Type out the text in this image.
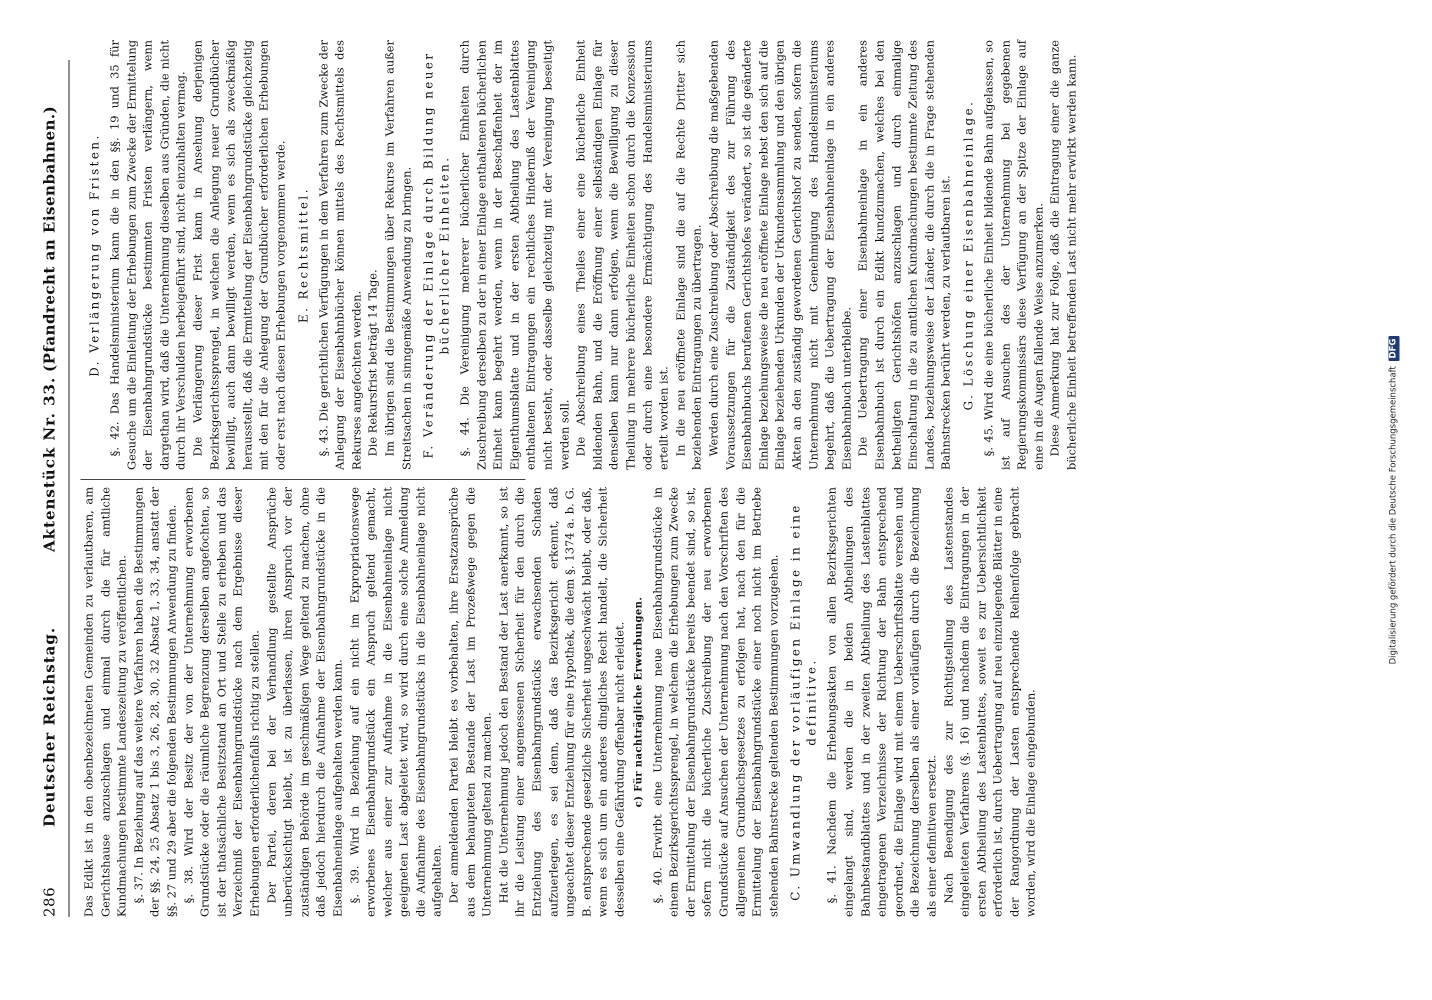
286
Deutscher Reichstag.
Aktenstück Nr. 33.
(Pfandrecht an Eisenbahnen.)

Das Edikt ist in den obenbezeichneten Gemeinden zu verlautbaren, am Gerichtshause anzuschlagen und einmal durch die für amtliche Kundmachungen bestimmte Landeszeitung zu veröffentlichen. §. 37. In Beziehung auf das weitere Verfahren haben die Bestimmungen der §§. 24, 25 Absatz 1 bis 3, 26, 28, 30, 32 Absatz 1, 33, 34, anstatt der §§. 27 und 29 aber die folgenden Bestimmungen Anwendung zu finden. §. 38. Wird der Besitz der von der Unternehmung erworbenen Grundstücke oder die räumliche Begrenzung derselben angefochten, so ist der thatsächliche Besitzstand an Ort und Stelle zu erheben und das Verzeichniß der Eisenbahngrundstücke nach dem Ergebnisse dieser Erhebungen erforderlichenfalls richtig zu stellen. Der Partei, deren bei der Verhandlung gestellte Ansprüche unberücksichtigt bleibt, ist zu überlassen, ihren Anspruch vor der zuständigen Behörde im geschmäßigen Wege geltend zu machen, ohne daß jedoch hierdurch die Aufnahme der Eisenbahngrundstücke in die Eisenbahneinlage aufgehalten werden kann. §. 39. Wird in Beziehung auf ein nicht im Expropriationswege erworbenes Eisenbahngrundstück ein Anspruch geltend gemacht, welcher aus einer zur Aufnahme in die Eisenbahneinlage nicht geeigneten Last abgeleitet wird, so wird durch eine solche Anmeldung die Aufnahme des Eisenbahngrundstücks in die Eisenbahneinlage nicht aufgehalten. Der anmeldenden Partei bleibt es vorbehalten, ihre Ersatzansprüche aus dem behaupteten Bestande der Last im Prozeßwege gegen die Unternehmung geltend zu machen. Hat die Unternehmung jedoch den Bestand der Last anerkannt, so ist ihr die Leistung einer angemessenen Sicherheit für den durch die Entziehung des Eisenbahngrundstücks erwachsenden Schaden aufzuerlegen, es sei denn, daß das Bezirksgericht erkennt, daß ungeachtet dieser Entziehung für eine Hypothek, die dem §. 1374 a. b. G. B. entsprechende gesetzliche Sicherheit ungeschwächt bleibt, oder daß, wenn es sich um ein anderes dingliches Recht handelt, die Sicherheit desselben eine Gefährdung offenbar nicht erleidet. c) Für nachträgliche Erwerbungen. §. 40. Erwirbt eine Unternehmung neue Eisenbahngrundstücke in einem Bezirksgerichtssprengel, in welchem die Erhebungen zum Zwecke der Ermittelung der Eisenbahngrundstücke bereits beendet sind, so ist, sofern nicht die bücherliche Zuschreibung der neu erworbenen Grundstücke auf Ansuchen der Unternehmung nach den Vorschriften des allgemeinen Grundbuchsgesetzes zu erfolgen hat, nach den für die Ermittelung der Eisenbahngrundstücke einer noch nicht im Betriebe stehenden Bahnstrecke geltenden Bestimmungen vorzugehen. C. Umwandlung der vorläufigen Einlage in eine definitive. §. 41. Nachdem die Erhebungsakten von allen Bezirksgerichten eingelangt sind, werden die in beiden Abtheilungen des Bahnbestandblattes und in der zweiten Abtheilung des Lastenblattes eingetragenen Verzeichnisse der Richtung der Bahn entsprechend geordnet, die Einlage wird mit einem Ueberschriftsblatte versehen und die Bezeichnung derselben als einer vorläufigen durch die Bezeichnung als einer definitiven ersetzt. Nach Beendigung des zur Richtigstellung des Lastenstandes eingeleiteten Verfahrens (§. 16) und nachdem die Eintragungen in der ersten Abtheilung des Lastenblattes, soweit es zur Uebersichtlichkeit erforderlich ist, durch Uebertragung auf neu einzulegende Blätter in eine der Rangordnung der Lasten entsprechende Reihenfolge gebracht worden, wird die Einlage eingebunden.

D. Verlängerung von Fristen. §. 42. Das Handelsministerium kann die in den §§. 19 und 35 für Gesuche um die Einleitung der Erhebungen zum Zwecke der Ermittelung der Eisenbahngrundstücke bestimmten Fristen verlängern, wenn dargethan wird, daß die Unternehmung dieselben aus Gründen, die nicht durch ihr Verschulden herbeigeführt sind, nicht einzuhalten vermag. Die Verlängerung dieser Frist kann in Ansehung derjenigen Bezirksgerichtssprengel, in welchen die Anlegung neuer Grundbücher bewilligt, auch dann bewilligt werden, wenn es sich als zweckmäßig herausstellt, daß die Ermittelung der Eisenbahngrundstücke gleichzeitig mit den für die Anlegung der Grundbücher erforderlichen Erhebungen oder erst nach diesen Erhebungen vorgenommen werde. E. Rechtsmittel. §. 43. Die gerichtlichen Verfügungen in dem Verfahren zum Zwecke der Anlegung der Eisenbahnbücher können mittels des Rechtsmittels des Rekurses angefochten werden. Die Rekursfrist beträgt 14 Tage. Im übrigen sind die Bestimmungen über Rekurse im Verfahren außer Streitsachen in sinngemäße Anwendung zu bringen. F. Veränderung der Einlage durch Bildung neuer bücherlicher Einheiten. §. 44. Die Vereinigung mehrerer bücherlicher Einheiten durch Zuschreibung derselben zu der in einer Einlage enthaltenen bücherlichen Einheit kann begehrt werden, wenn in der Beschaffenheit der im Eigenthumsblatte und in der ersten Abtheilung des Lastenblattes enthaltenen Eintragungen ein rechtliches Hinderniß der Vereinigung nicht besteht, oder dasselbe gleichzeitig mit der Vereinigung beseitigt werden soll. Die Abschreibung eines Theiles einer eine bücherliche Einheit bildenden Bahn, und die Eröffnung einer selbständigen Einlage für denselben kann nur dann erfolgen, wenn die Bewilligung zu dieser Theilung in mehrere bücherliche Einheiten schon durch die Konzession oder durch eine besondere Ermächtigung des Handelsministeriums erteilt worden ist. In die neu eröffnete Einlage sind die auf die Rechte Dritter sich beziehenden Eintragungen zu übertragen. Werden durch eine Zuschreibung oder Abschreibung die maßgebenden Voraussetzungen für die Zuständigkeit des zur Führung des Eisenbahnbuchs berufenen Gerichtshofes verändert, so ist die geänderte Einlage beziehungsweise die neu eröffnete Einlage nebst den sich auf die Einlage beziehenden Urkunden der Urkundensammlung und den übrigen Akten an den zuständig gewordenen Gerichtshof zu senden, sofern die Unternehmung nicht mit Genehmigung des Handelsministeriums begehrt, daß die Uebertragung der Eisenbahneinlage in ein anderes Eisenbahnbuch unterbleibe. Die Uebertragung einer Eisenbahneinlage in ein anderes Eisenbahnbuch ist durch ein Edikt kundzumachen, welches bei den betheiligten Gerichtshöfen anzuschlagen und durch einmalige Einschaltung in die zu amtlichen Kundmachungen bestimmte Zeitung des Landes, beziehungsweise der Länder, die durch die in Frage stehenden Bahnstrecken berührt werden, zu verlautbaren ist. G. Löschung einer Eisenbahneinlage. §. 45. Wird die eine bücherliche Einheit bildende Bahn aufgelassen, so ist auf Ansuchen des der Unternehmung bei gegebenen Regierungskommissärs diese Verfügung an der Spitze der Einlage auf eine in die Augen fallende Weise anzumerken. Diese Anmerkung hat zur Folge, daß die Eintragung einer die ganze bücherliche Einheit betreffenden Last nicht mehr erwirkt werden kann.

Digitalisierung gefördert durch die Deutsche Forschungsgemeinschaft DFG
